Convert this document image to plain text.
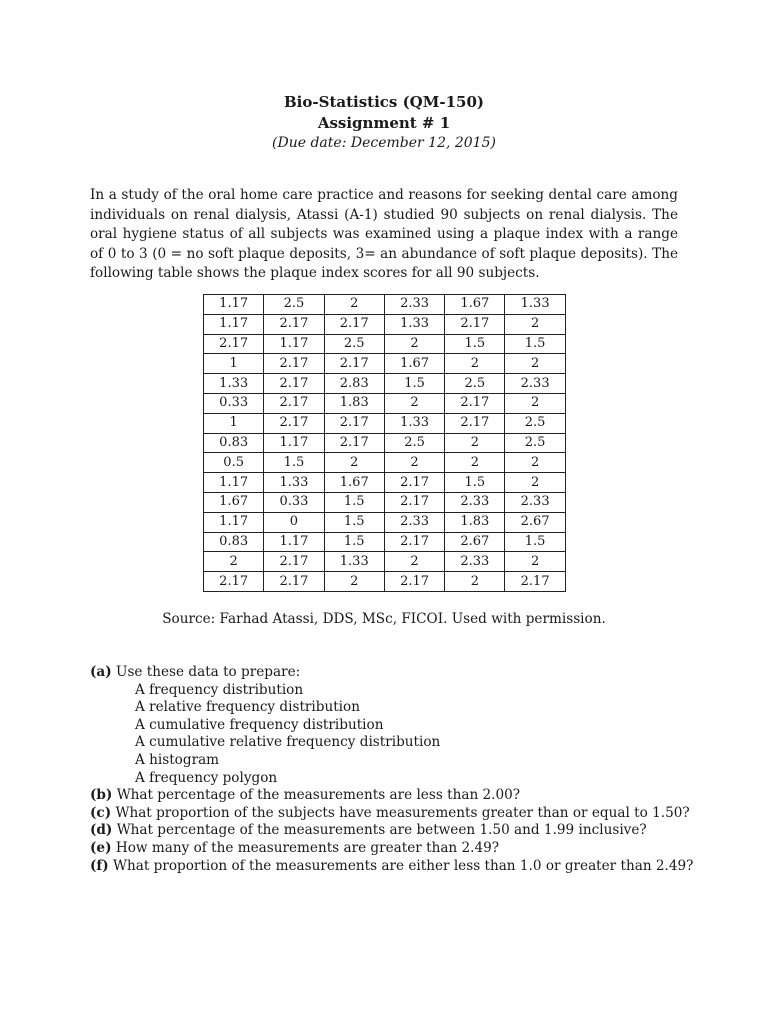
Bio-Statistics (QM-150)
Assignment # 1
(Due date: December 12, 2015)
In a study of the oral home care practice and reasons for seeking dental care among individuals on renal dialysis, Atassi (A-1) studied 90 subjects on renal dialysis. The oral hygiene status of all subjects was examined using a plaque index with a range of 0 to 3 (0 = no soft plaque deposits, 3= an abundance of soft plaque deposits). The following table shows the plaque index scores for all 90 subjects.
1.17	2.5	2	2.33	1.67	1.33
1.17	2.17	2.17	1.33	2.17	2
2.17	1.17	2.5	2	1.5	1.5
1	2.17	2.17	1.67	2	2
1.33	2.17	2.83	1.5	2.5	2.33
0.33	2.17	1.83	2	2.17	2
1	2.17	2.17	1.33	2.17	2.5
0.83	1.17	2.17	2.5	2	2.5
0.5	1.5	2	2	2	2
1.17	1.33	1.67	2.17	1.5	2
1.67	0.33	1.5	2.17	2.33	2.33
1.17	0	1.5	2.33	1.83	2.67
0.83	1.17	1.5	2.17	2.67	1.5
2	2.17	1.33	2	2.33	2
2.17	2.17	2	2.17	2	2.17
Source: Farhad Atassi, DDS, MSc, FICOI. Used with permission.
(a) Use these data to prepare:
A frequency distribution
A relative frequency distribution
A cumulative frequency distribution
A cumulative relative frequency distribution
A histogram
A frequency polygon
(b) What percentage of the measurements are less than 2.00?
(c) What proportion of the subjects have measurements greater than or equal to 1.50?
(d) What percentage of the measurements are between 1.50 and 1.99 inclusive?
(e) How many of the measurements are greater than 2.49?
(f) What proportion of the measurements are either less than 1.0 or greater than 2.49?
